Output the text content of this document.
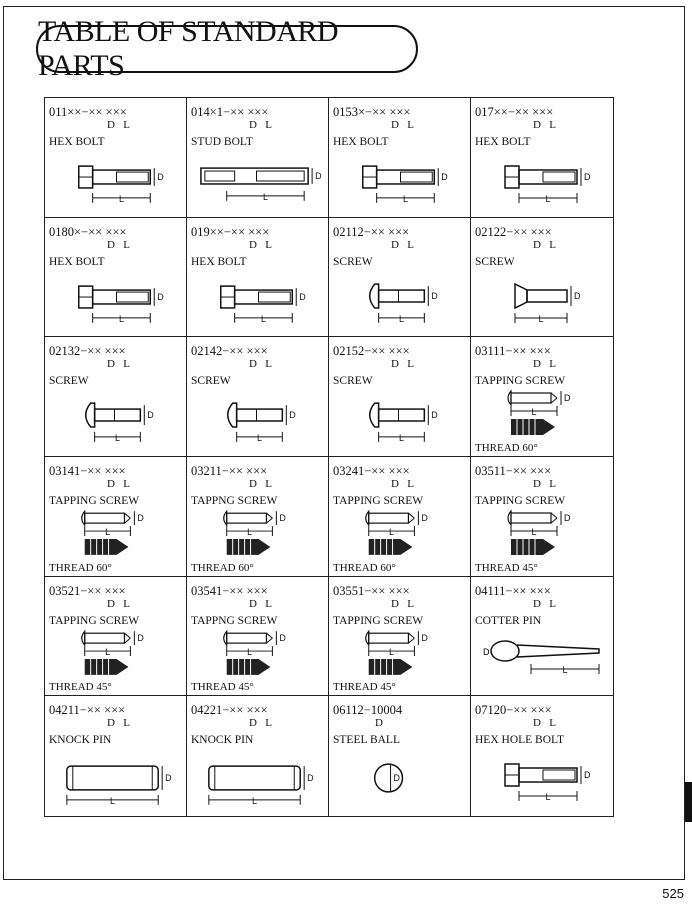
TABLE OF STANDARD PARTS
011××−×× ×××
D   L
HEX BOLT
D
L
014×1−×× ×××
D   L
STUD BOLT
D
L
0153×−×× ×××
D   L
HEX BOLT
D
L
017××−×× ×××
D   L
HEX BOLT
D
L
0180×−×× ×××
D   L
HEX BOLT
D
L
019××−×× ×××
D   L
HEX BOLT
D
L
02112−×× ×××
D   L
SCREW
D
L
02122−×× ×××
D   L
SCREW
D
L
02132−×× ×××
D   L
SCREW
D
L
02142−×× ×××
D   L
SCREW
D
L
02152−×× ×××
D   L
SCREW
D
L
03111−×× ×××
D   L
TAPPING SCREW
D
L
THREAD 60°
03141−×× ×××
D   L
TAPPING SCREW
D
L
THREAD 60°
03211−×× ×××
D   L
TAPPNG SCREW
D
L
THREAD 60°
03241−×× ×××
D   L
TAPPING SCREW
D
L
THREAD 60°
03511−×× ×××
D   L
TAPPING SCREW
D
L
THREAD 45°
03521−×× ×××
D   L
TAPPING SCREW
D
L
THREAD 45°
03541−×× ×××
D   L
TAPPNG SCREW
D
L
THREAD 45°
03551−×× ×××
D   L
TAPPING SCREW
D
L
THREAD 45°
04111−×× ×××
D   L
COTTER PIN
D
L
04211−×× ×××
D   L
KNOCK PIN
D
L
04221−×× ×××
D   L
KNOCK PIN
D
L
06112−10004
D
STEEL BALL
D
07120−×× ×××
D   L
HEX HOLE BOLT
D
L
525
